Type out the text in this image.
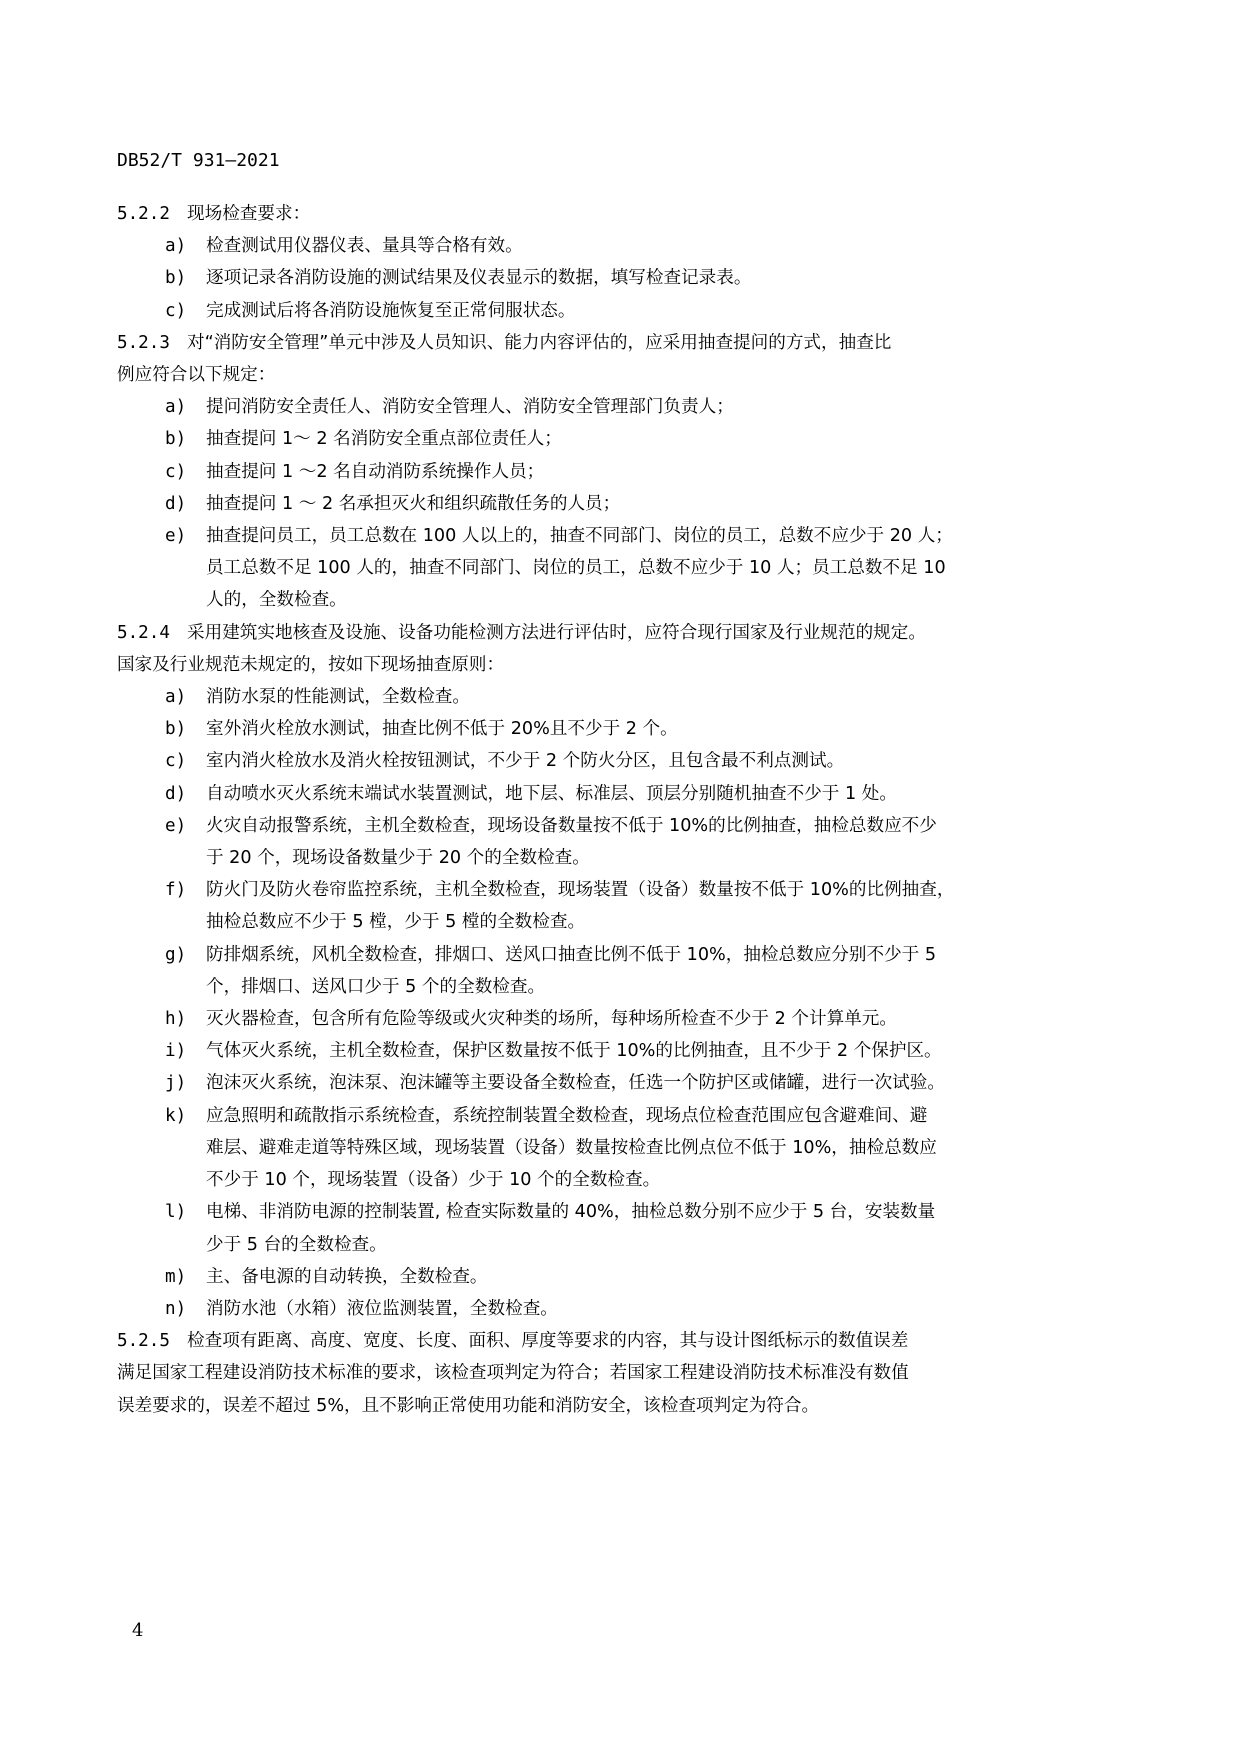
DB52/T 931—2021
5.2.2 现场检查要求：
a) 检查测试用仪器仪表、量具等合格有效。
b) 逐项记录各消防设施的测试结果及仪表显示的数据，填写检查记录表。
c) 完成测试后将各消防设施恢复至正常伺服状态。
5.2.3 对“消防安全管理”单元中涉及人员知识、能力内容评估的，应采用抽查提问的方式，抽查比
例应符合以下规定：
a) 提问消防安全责任人、消防安全管理人、消防安全管理部门负责人；
b) 抽查提问 1～ 2 名消防安全重点部位责任人；
c) 抽查提问 1 ～2 名自动消防系统操作人员；
d) 抽查提问 1 ～ 2 名承担灭火和组织疏散任务的人员；
e) 抽查提问员工，员工总数在 100 人以上的，抽查不同部门、岗位的员工，总数不应少于 20 人；
员工总数不足 100 人的，抽查不同部门、岗位的员工，总数不应少于 10 人；员工总数不足 10
人的，全数检查。
5.2.4 采用建筑实地核查及设施、设备功能检测方法进行评估时，应符合现行国家及行业规范的规定。
国家及行业规范未规定的，按如下现场抽查原则：
a) 消防水泵的性能测试，全数检查。
b) 室外消火栓放水测试，抽查比例不低于 20%且不少于 2 个。
c) 室内消火栓放水及消火栓按钮测试，不少于 2 个防火分区，且包含最不利点测试。
d) 自动喷水灭火系统末端试水装置测试，地下层、标准层、顶层分别随机抽查不少于 1 处。
e) 火灾自动报警系统，主机全数检查，现场设备数量按不低于 10%的比例抽查，抽检总数应不少
于 20 个，现场设备数量少于 20 个的全数检查。
f) 防火门及防火卷帘监控系统，主机全数检查，现场装置（设备）数量按不低于 10%的比例抽查，
抽检总数应不少于 5 樘，少于 5 樘的全数检查。
g) 防排烟系统，风机全数检查，排烟口、送风口抽查比例不低于 10%，抽检总数应分别不少于 5
个，排烟口、送风口少于 5 个的全数检查。
h) 灭火器检查，包含所有危险等级或火灾种类的场所，每种场所检查不少于 2 个计算单元。
i) 气体灭火系统，主机全数检查，保护区数量按不低于 10%的比例抽查，且不少于 2 个保护区。
j) 泡沫灭火系统，泡沫泵、泡沫罐等主要设备全数检查，任选一个防护区或储罐，进行一次试验。
k) 应急照明和疏散指示系统检查，系统控制装置全数检查，现场点位检查范围应包含避难间、避
难层、避难走道等特殊区域，现场装置（设备）数量按检查比例点位不低于 10%，抽检总数应
不少于 10 个，现场装置（设备）少于 10 个的全数检查。
l) 电梯、非消防电源的控制装置, 检查实际数量的 40%，抽检总数分别不应少于 5 台，安装数量
少于 5 台的全数检查。
m) 主、备电源的自动转换，全数检查。
n) 消防水池（水箱）液位监测装置，全数检查。
5.2.5 检查项有距离、高度、宽度、长度、面积、厚度等要求的内容，其与设计图纸标示的数值误差
满足国家工程建设消防技术标准的要求，该检查项判定为符合；若国家工程建设消防技术标准没有数值
误差要求的，误差不超过 5%，且不影响正常使用功能和消防安全，该检查项判定为符合。
4
